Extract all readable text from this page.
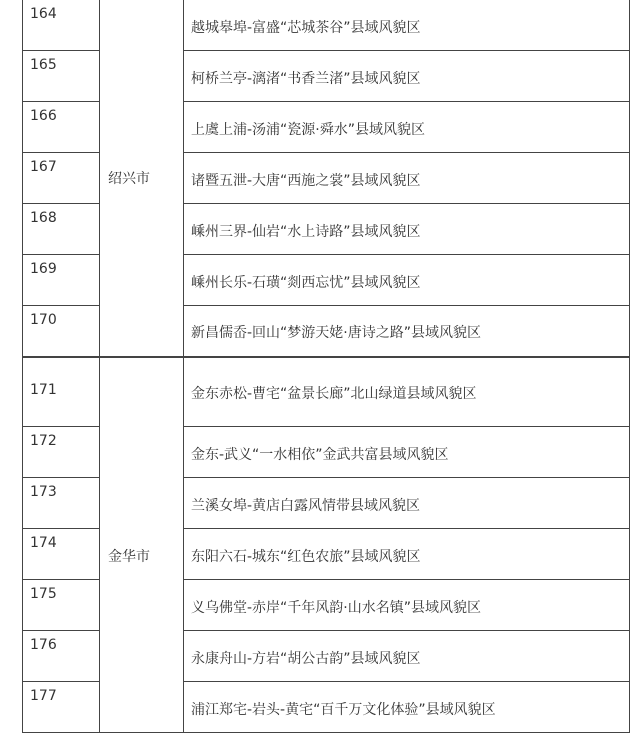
164	绍兴市	越城皋埠-富盛“芯城茶谷”县域风貌区
165		柯桥兰亭-漓渚“书香兰渚”县域风貌区
166		上虞上浦-汤浦“瓷源·舜水”县域风貌区
167		诸暨五泄-大唐“西施之裳”县域风貌区
168		嵊州三界-仙岩“水上诗路”县域风貌区
169		嵊州长乐-石璜“剡西忘忧”县域风貌区
170		新昌儒岙-回山“梦游天姥·唐诗之路”县域风貌区
171	金华市	金东赤松-曹宅“盆景长廊”北山绿道县域风貌区
172		金东-武义“一水相依”金武共富县域风貌区
173		兰溪女埠-黄店白露风情带县域风貌区
174		东阳六石-城东“红色农旅”县域风貌区
175		义乌佛堂-赤岸“千年风韵·山水名镇”县域风貌区
176		永康舟山-方岩“胡公古韵”县域风貌区
177		浦江郑宅-岩头-黄宅“百千万文化体验”县域风貌区
